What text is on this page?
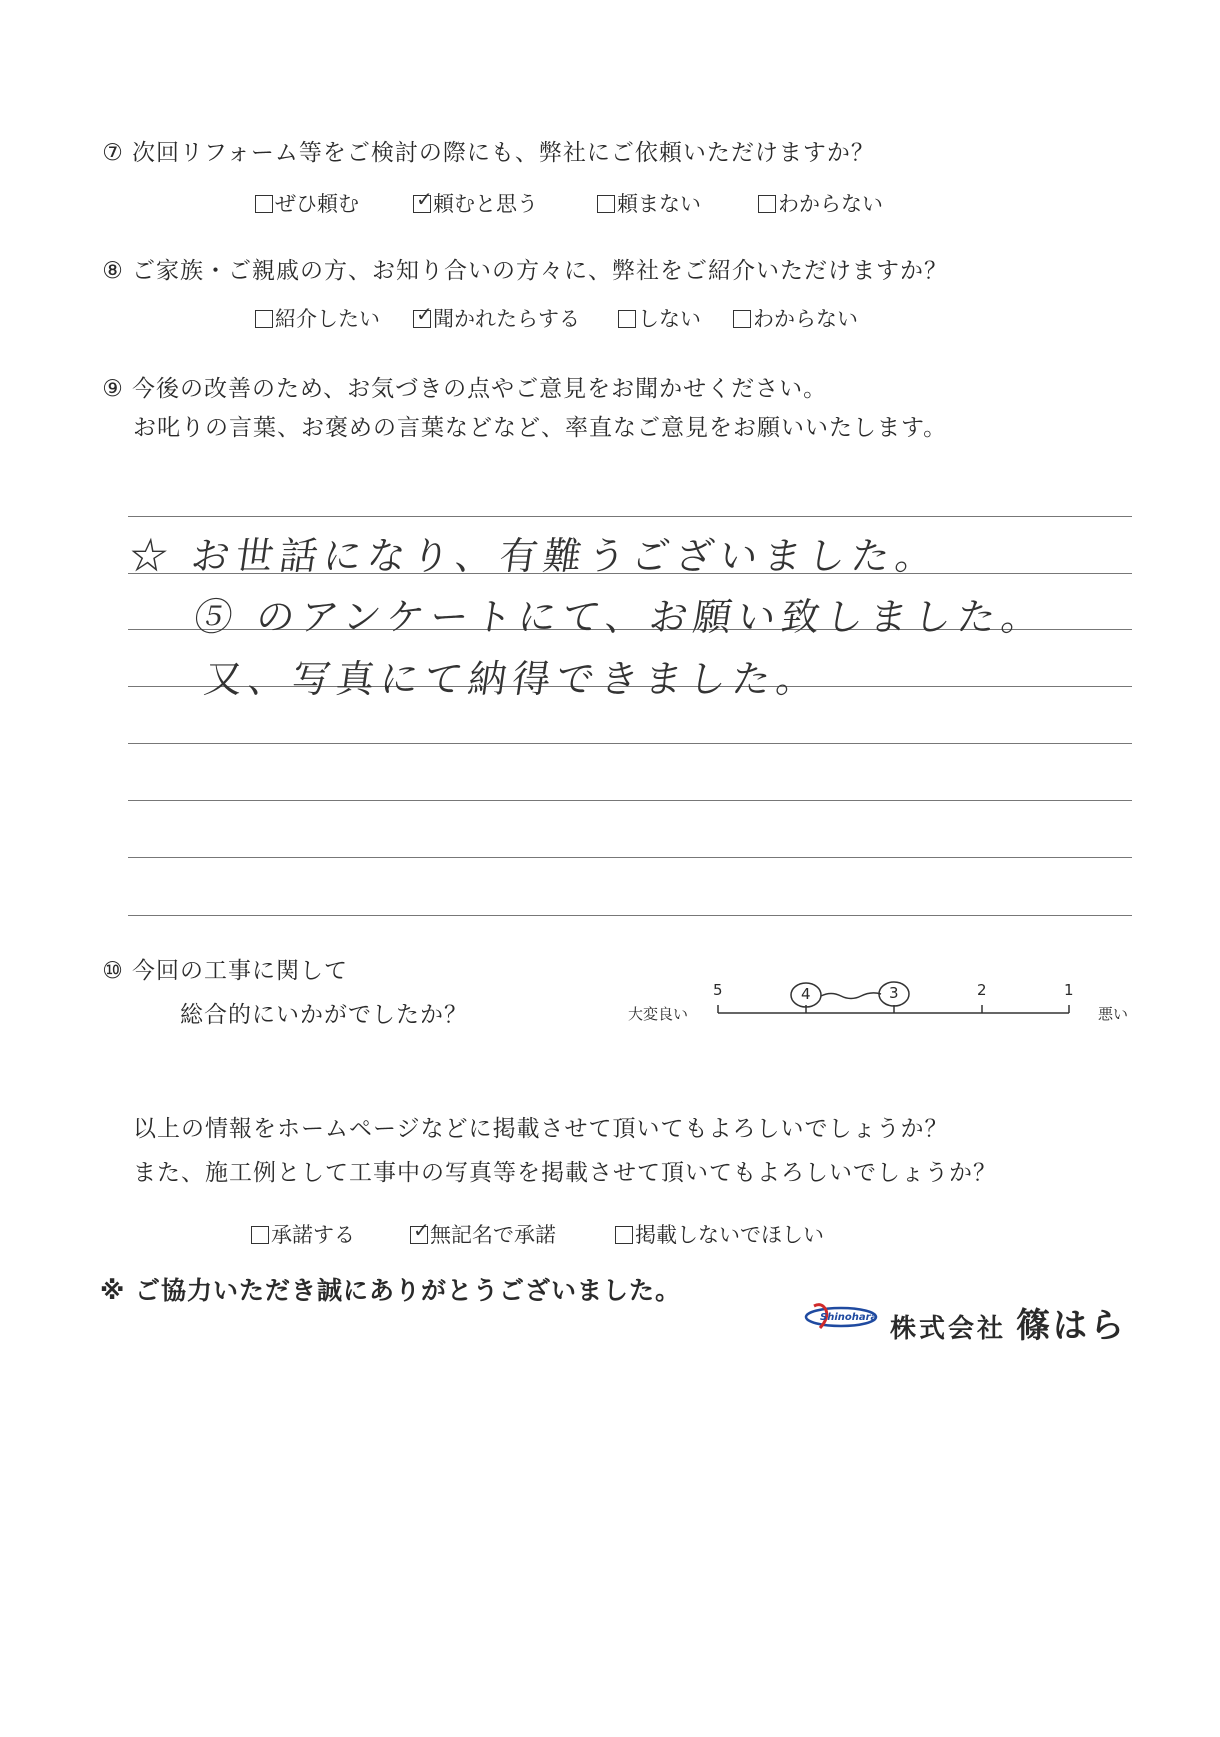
⑦ 次回リフォーム等をご検討の際にも、弊社にご依頼いただけますか？
ぜひ頼む	✓ 頼むと思う	頼まない	わからない
⑧ ご家族・ご親戚の方、お知り合いの方々に、弊社をご紹介いただけますか？
紹介したい ✓ 聞かれたらする	しない	わからない
⑨ 今後の改善のため、お気づきの点やご意見をお聞かせください。
お叱りの言葉、お褒めの言葉などなど、率直なご意見をお願いいたします。
☆ お世話になり、有難うございました。
⑤ のアンケートにて、お願い致しました。
又、写真にて納得できました。
⑩ 今回の工事に関して
総合的にいかがでしたか？	大変良い	悪い
5	4	3	2	1
以上の情報をホームページなどに掲載させて頂いてもよろしいでしょうか？
また、施工例として工事中の写真等を掲載させて頂いてもよろしいでしょうか？
承諾する	✓ 無記名で承諾	掲載しないでほしい
※ ご協力いただき誠にありがとうございました。
Shinohara 株式会社 篠はら
